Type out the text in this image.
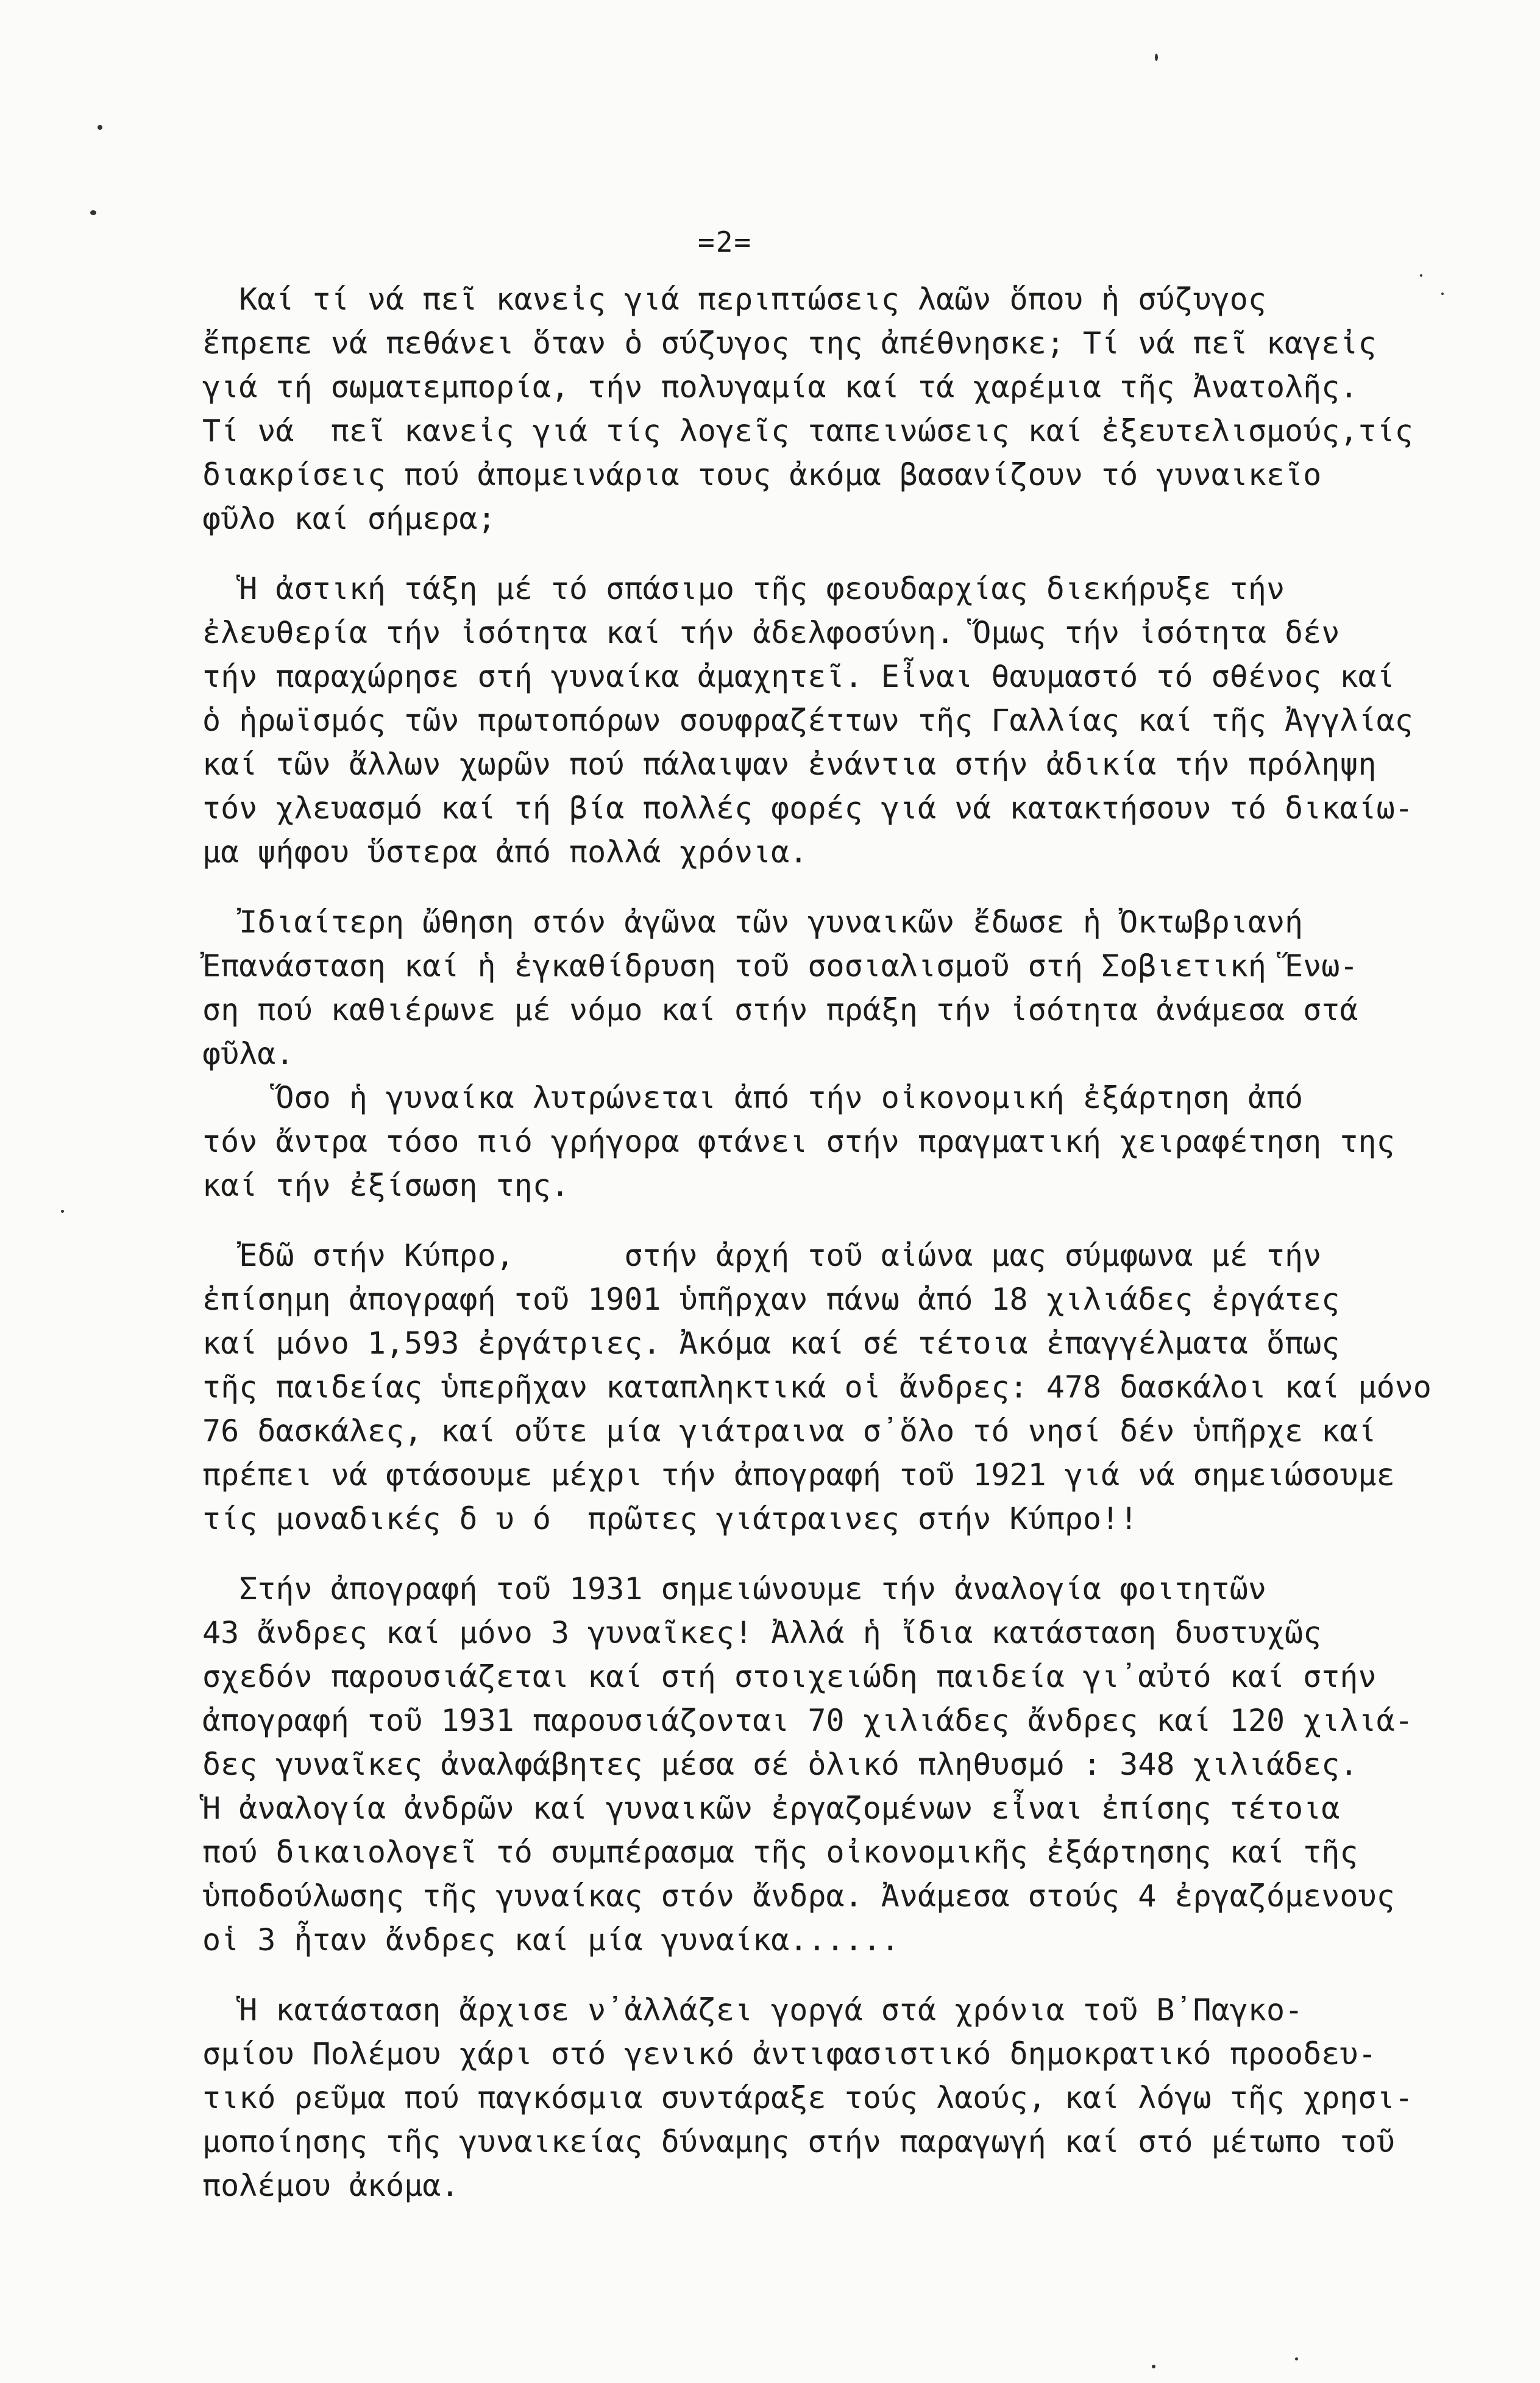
=2=
Καί τί νά πεῖ κανεἰς γιά περιπτώσεις λαῶν ὅπου ἡ σύζυγος
ἔπρεπε νά πεθάνει ὅταν ὁ σύζυγος της ἀπέθνησκε; Τί νά πεῖ καγεἰς
γιά τή σωματεμπορία, τήν πολυγαμία καί τά χαρέμια τῆς Ἀνατολῆς.
Τί νά  πεῖ κανεἰς γιά τίς λογεῖς ταπεινώσεις καί ἐξευτελισμούς,τίς
διακρίσεις πού ἀπομεινάρια τους ἀκόμα βασανίζουν τό γυναικεῖο
φῦλο καί σήμερα;
Ἡ ἀστική τάξη μέ τό σπάσιμο τῆς φεουδαρχίας διεκήρυξε τήν
ἐλευθερία τήν ἰσότητα καί τήν ἀδελφοσύνη. Ὅμως τήν ἰσότητα δέν
τήν παραχώρησε στή γυναίκα ἀμαχητεῖ. Εἶναι θαυμαστό τό σθένος καί
ὁ ἡρωϊσμός τῶν πρωτοπόρων σουφραζέττων τῆς Γαλλίας καί τῆς Ἀγγλίας
καί τῶν ἄλλων χωρῶν πού πάλαιψαν ἐνάντια στήν ἀδικία τήν πρόληψη
τόν χλευασμό καί τή βία πολλές φορές γιά νά κατακτήσουν τό δικαίω-
μα ψήφου ὕστερα ἀπό πολλά χρόνια.
Ἰδιαίτερη ὤθηση στόν ἀγῶνα τῶν γυναικῶν ἔδωσε ἡ Ὀκτωβριανή
Ἐπανάσταση καί ἡ ἐγκαθίδρυση τοῦ σοσιαλισμοῦ στή Σοβιετική Ἕνω-
ση πού καθιέρωνε μέ νόμο καί στήν πράξη τήν ἰσότητα ἀνάμεσα στά
φῦλα.
Ὅσο ἡ γυναίκα λυτρώνεται ἀπό τήν οἰκονομική ἐξάρτηση ἀπό
τόν ἄντρα τόσο πιό γρήγορα φτάνει στήν πραγματική χειραφέτηση της
καί τήν ἐξίσωση της.
Ἐδῶ στήν Κύπρο,      στήν ἀρχή τοῦ αἰώνα μας σύμφωνα μέ τήν
ἐπίσημη ἀπογραφή τοῦ 1901 ὑπῆρχαν πάνω ἀπό 18 χιλιάδες ἐργάτες
καί μόνο 1,593 ἐργάτριες. Ἀκόμα καί σέ τέτοια ἐπαγγέλματα ὅπως
τῆς παιδείας ὑπερῆχαν καταπληκτικά οἱ ἄνδρες: 478 δασκάλοι καί μόνο
76 δασκάλες, καί οὔτε μία γιάτραινα σ᾽ὅλο τό νησί δέν ὑπῆρχε καί
πρέπει νά φτάσουμε μέχρι τήν ἀπογραφή τοῦ 1921 γιά νά σημειώσουμε
τίς μοναδικές δ υ ό  πρῶτες γιάτραινες στήν Κύπρο!!
Στήν ἀπογραφή τοῦ 1931 σημειώνουμε τήν ἀναλογία φοιτητῶν
43 ἄνδρες καί μόνο 3 γυναῖκες! Ἀλλά ἡ ἴδια κατάσταση δυστυχῶς
σχεδόν παρουσιάζεται καί στή στοιχειώδη παιδεία γι᾽αὐτό καί στήν
ἀπογραφή τοῦ 1931 παρουσιάζονται 70 χιλιάδες ἄνδρες καί 120 χιλιά-
δες γυναῖκες ἀναλφάβητες μέσα σέ ὁλικό πληθυσμό : 348 χιλιάδες.
Ἡ ἀναλογία ἀνδρῶν καί γυναικῶν ἐργαζομένων εἶναι ἐπίσης τέτοια
πού δικαιολογεῖ τό συμπέρασμα τῆς οἰκονομικῆς ἐξάρτησης καί τῆς
ὑποδούλωσης τῆς γυναίκας στόν ἄνδρα. Ἀνάμεσα στούς 4 ἐργαζόμενους
οἱ 3 ἦταν ἄνδρες καί μία γυναίκα......
Ἡ κατάσταση ἄρχισε ν᾽ἀλλάζει γοργά στά χρόνια τοῦ Β᾽Παγκο-
σμίου Πολέμου χάρι στό γενικό ἀντιφασιστικό δημοκρατικό προοδευ-
τικό ρεῦμα πού παγκόσμια συντάραξε τούς λαούς, καί λόγω τῆς χρησι-
μοποίησης τῆς γυναικείας δύναμης στήν παραγωγή καί στό μέτωπο τοῦ
πολέμου ἀκόμα.
